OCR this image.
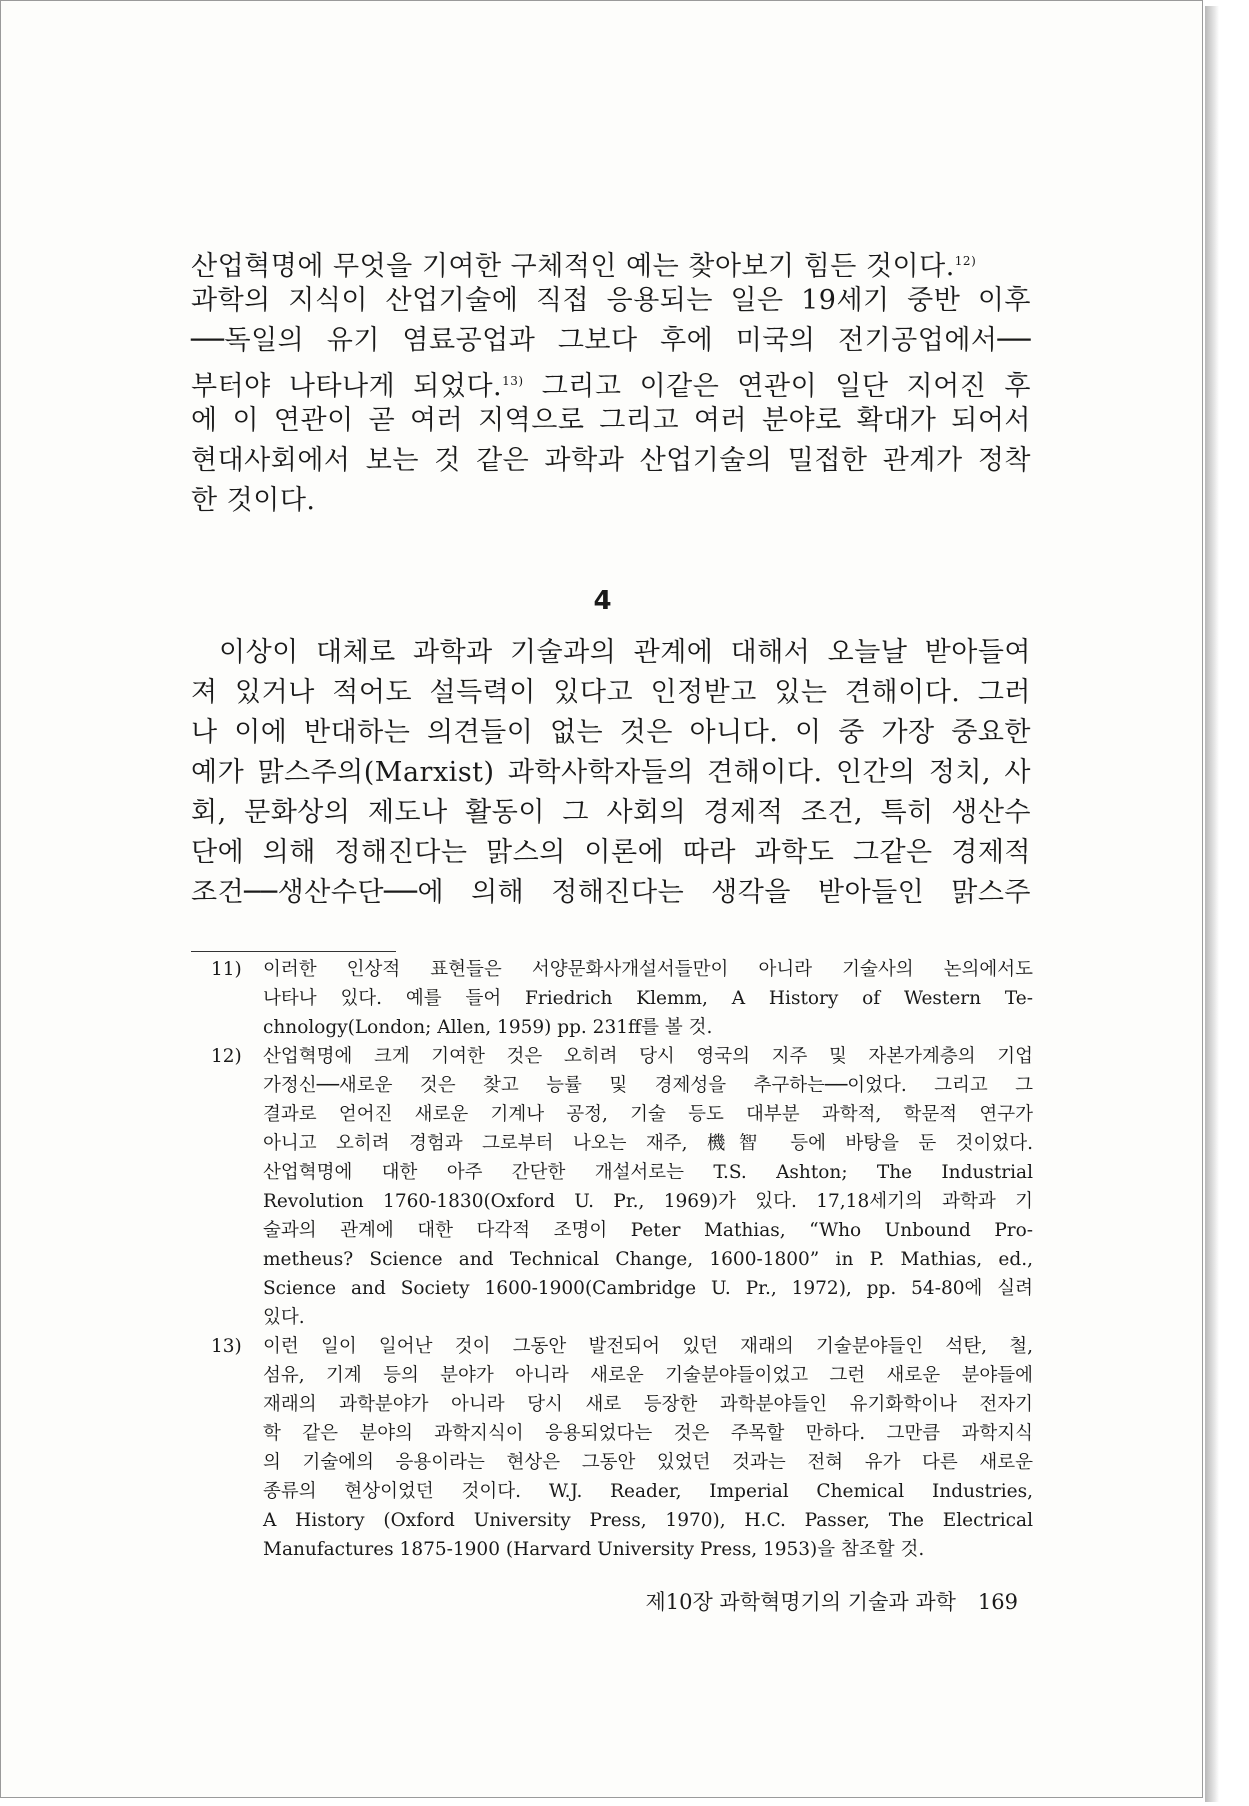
산업혁명에 무엇을 기여한 구체적인 예는 찾아보기 힘든 것이다.$^{12)}$
과학의 지식이 산업기술에 직접 응용되는 일은 19세기 중반 이후
──독일의 유기 염료공업과 그보다 후에 미국의 전기공업에서──
부터야 나타나게 되었다.$^{13)}$ 그리고 이같은 연관이 일단 지어진 후
에 이 연관이 곧 여러 지역으로 그리고 여러 분야로 확대가 되어서
현대사회에서 보는 것 같은 과학과 산업기술의 밀접한 관계가 정착
한 것이다.
4
이상이 대체로 과학과 기술과의 관계에 대해서 오늘날 받아들여
져 있거나 적어도 설득력이 있다고 인정받고 있는 견해이다. 그러
나 이에 반대하는 의견들이 없는 것은 아니다. 이 중 가장 중요한
예가 맑스주의(Marxist) 과학사학자들의 견해이다. 인간의 정치, 사
회, 문화상의 제도나 활동이 그 사회의 경제적 조건, 특히 생산수
단에 의해 정해진다는 맑스의 이론에 따라 과학도 그같은 경제적
조건──생산수단──에 의해 정해진다는 생각을 받아들인 맑스주
11) 이러한 인상적 표현들은 서양문화사개설서들만이 아니라 기술사의 논의에서도
나타나 있다. 예를 들어 Friedrich Klemm, A History of Western Te-
chnology(London; Allen, 1959) pp. 231ff를 볼 것.
12) 산업혁명에 크게 기여한 것은 오히려 당시 영국의 지주 및 자본가계층의 기업
가정신──새로운 것은 찾고 능률 및 경제성을 추구하는──이었다. 그리고 그
결과로 얻어진 새로운 기계나 공정, 기술 등도 대부분 과학적, 학문적 연구가
아니고 오히려 경험과 그로부터 나오는 재주, 機智 등에 바탕을 둔 것이었다.
산업혁명에 대한 아주 간단한 개설서로는 T.S. Ashton; The Industrial
Revolution 1760-1830(Oxford U. Pr., 1969)가 있다. 17,18세기의 과학과 기
술과의 관계에 대한 다각적 조명이 Peter Mathias, “Who Unbound Pro-
metheus? Science and Technical Change, 1600-1800” in P. Mathias, ed.,
Science and Society 1600-1900(Cambridge U. Pr., 1972), pp. 54-80에 실려
있다.
13) 이런 일이 일어난 것이 그동안 발전되어 있던 재래의 기술분야들인 석탄, 철,
섬유, 기계 등의 분야가 아니라 새로운 기술분야들이었고 그런 새로운 분야들에
재래의 과학분야가 아니라 당시 새로 등장한 과학분야들인 유기화학이나 전자기
학 같은 분야의 과학지식이 응용되었다는 것은 주목할 만하다. 그만큼 과학지식
의 기술에의 응용이라는 현상은 그동안 있었던 것과는 전혀 유가 다른 새로운
종류의 현상이었던 것이다. W.J. Reader, Imperial Chemical Industries,
A History (Oxford University Press, 1970), H.C. Passer, The Electrical
Manufactures 1875-1900 (Harvard University Press, 1953)을 참조할 것.
제10장 과학혁명기의 기술과 과학 169
